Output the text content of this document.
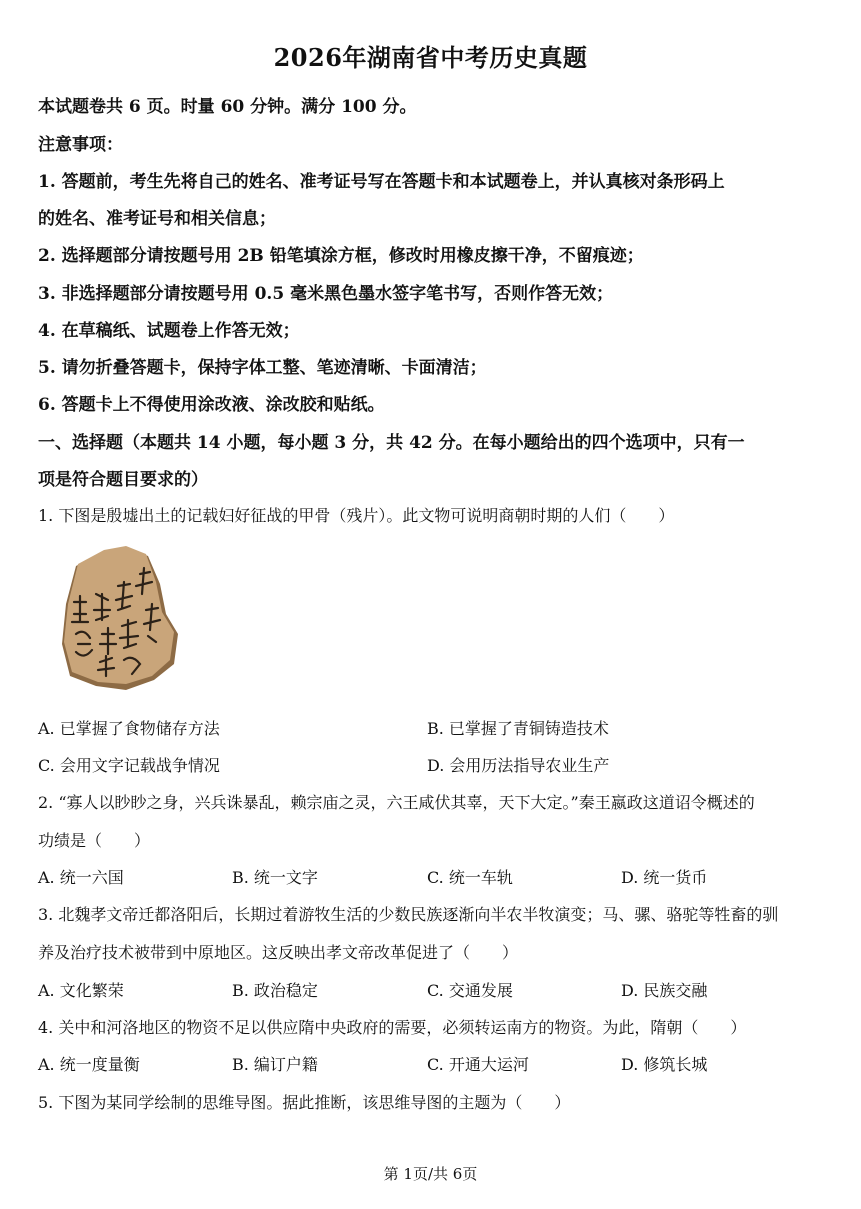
2026年湖南省中考历史真题
本试题卷共 6 页。时量 60 分钟。满分 100 分。
注意事项：
1. 答题前，考生先将自己的姓名、准考证号写在答题卡和本试题卷上，并认真核对条形码上
的姓名、准考证号和相关信息；
2. 选择题部分请按题号用 2B 铅笔填涂方框，修改时用橡皮擦干净，不留痕迹；
3. 非选择题部分请按题号用 0.5 毫米黑色墨水签字笔书写，否则作答无效；
4. 在草稿纸、试题卷上作答无效；
5. 请勿折叠答题卡，保持字体工整、笔迹清晰、卡面清洁；
6. 答题卡上不得使用涂改液、涂改胶和贴纸。
一、选择题（本题共 14 小题，每小题 3 分，共 42 分。在每小题给出的四个选项中，只有一
项是符合题目要求的）
1. 下图是殷墟出土的记载妇好征战的甲骨（残片）。此文物可说明商朝时期的人们（　　）
A. 已掌握了食物储存方法	B. 已掌握了青铜铸造技术
C. 会用文字记载战争情况	D. 会用历法指导农业生产
2. “寡人以眇眇之身，兴兵诛暴乱，赖宗庙之灵，六王咸伏其辜，天下大定。”秦王嬴政这道诏令概述的
功绩是（　　）
A. 统一六国	B. 统一文字	C. 统一车轨	D. 统一货币
3. 北魏孝文帝迁都洛阳后，长期过着游牧生活的少数民族逐渐向半农半牧演变；马、骡、骆驼等牲畜的驯
养及治疗技术被带到中原地区。这反映出孝文帝改革促进了（　　）
A. 文化繁荣	B. 政治稳定	C. 交通发展	D. 民族交融
4. 关中和河洛地区的物资不足以供应隋中央政府的需要，必须转运南方的物资。为此，隋朝（　　）
A. 统一度量衡	B. 编订户籍	C. 开通大运河	D. 修筑长城
5. 下图为某同学绘制的思维导图。据此推断，该思维导图的主题为（　　）
第 1页/共 6页
